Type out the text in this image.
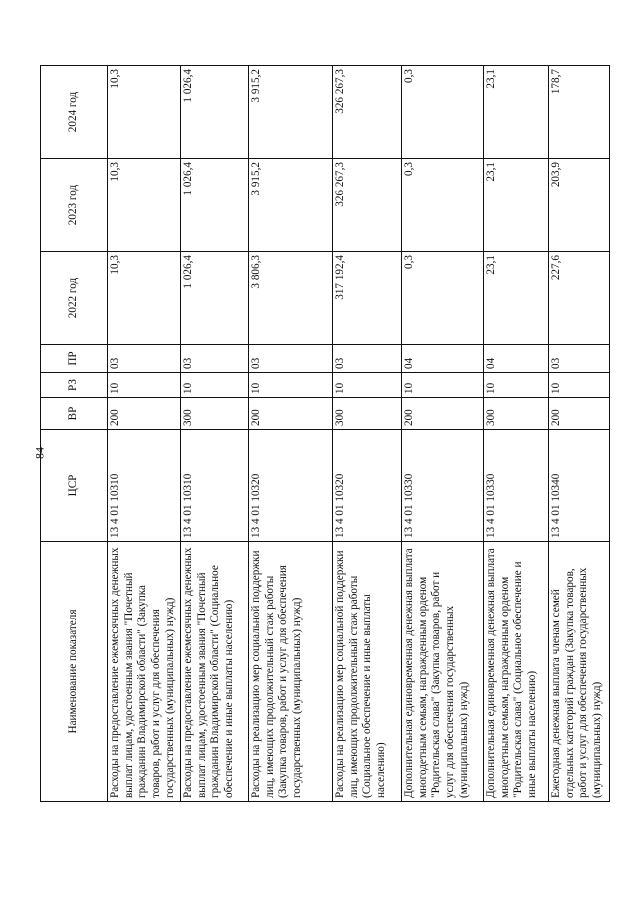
84
Наименование показателя	ЦСР	ВР	РЗ	ПР	2022 год	2023 год	2024 год
Расходы на предоставление ежемесячных денежных выплат лицам, удостоенным звания "Почетный гражданин Владимирской области" (Закупка товаров, работ и услуг для обеспечения государственных (муниципальных) нужд)	13 4 01 10310	200	10	03	10,3	10,3	10,3
Расходы на предоставление ежемесячных денежных выплат лицам, удостоенным звания "Почетный гражданин Владимирской области" (Социальное обеспечение и иные выплаты населению)	13 4 01 10310	300	10	03	1 026,4	1 026,4	1 026,4
Расходы на реализацию мер социальной поддержки лиц, имеющих продолжительный стаж работы (Закупка товаров, работ и услуг для обеспечения государственных (муниципальных) нужд)	13 4 01 10320	200	10	03	3 806,3	3 915,2	3 915,2
Расходы на реализацию мер социальной поддержки лиц, имеющих продолжительный стаж работы (Социальное обеспечение и иные выплаты населению)	13 4 01 10320	300	10	03	317 192,4	326 267,3	326 267,3
Дополнительная единовременная денежная выплата многодетным семьям, награжденным орденом "Родительская слава" (Закупка товаров, работ и услуг для обеспечения государственных (муниципальных) нужд)	13 4 01 10330	200	10	04	0,3	0,3	0,3
Дополнительная единовременная денежная выплата многодетным семьям, награжденным орденом "Родительская слава" (Социальное обеспечение и иные выплаты населению)	13 4 01 10330	300	10	04	23,1	23,1	23,1
Ежегодная денежная выплата членам семей отдельных категорий граждан (Закупка товаров, работ и услуг для обеспечения государственных (муниципальных) нужд)	13 4 01 10340	200	10	03	227,6	203,9	178,7
